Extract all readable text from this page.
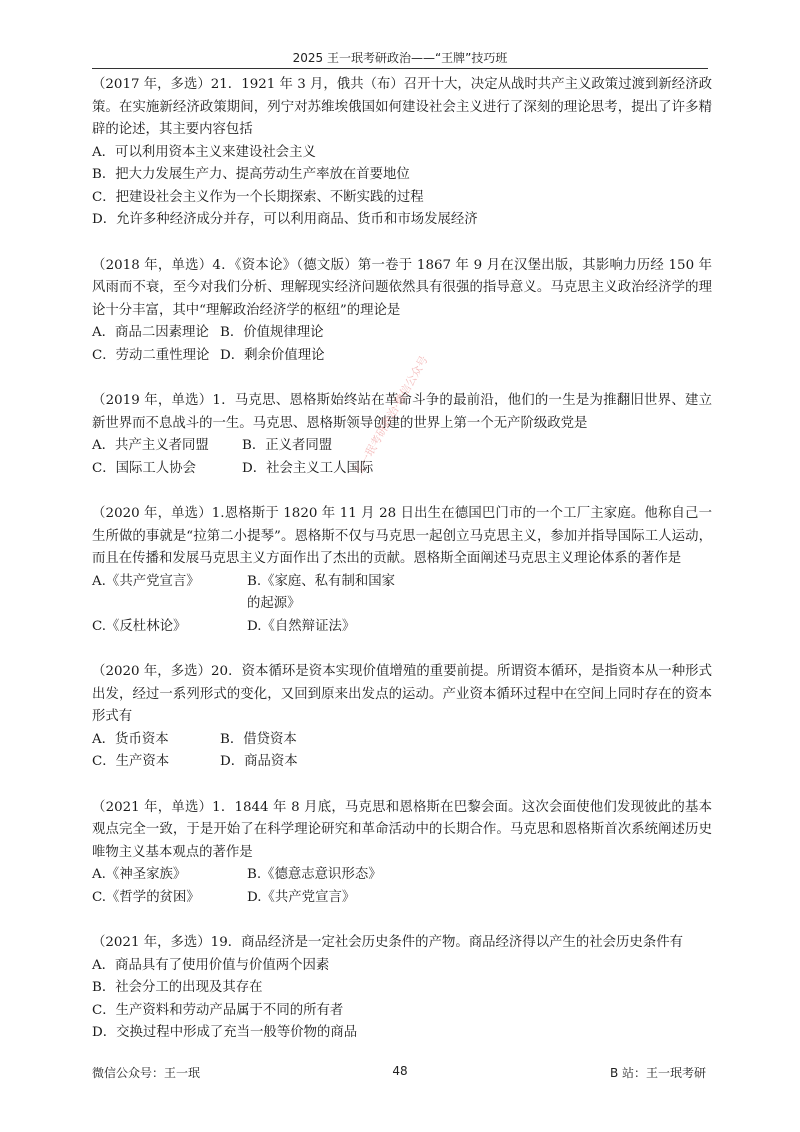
2025 王一珉考研政治——“王牌”技巧班

（2017 年，多选）21．1921 年 3 月，俄共（布）召开十大，决定从战时共产主义政策过渡到新经济政策。在实施新经济政策期间，列宁对苏维埃俄国如何建设社会主义进行了深刻的理论思考，提出了许多精辟的论述，其主要内容包括

A．可以利用资本主义来建设社会主义

B．把大力发展生产力、提高劳动生产率放在首要地位

C．把建设社会主义作为一个长期探索、不断实践的过程

D．允许多种经济成分并存，可以利用商品、货币和市场发展经济

（2018 年，单选）4．《资本论》（德文版）第一卷于 1867 年 9 月在汉堡出版，其影响力历经 150 年风雨而不衰，至今对我们分析、理解现实经济问题依然具有很强的指导意义。马克思主义政治经济学的理论十分丰富，其中“理解政治经济学的枢纽”的理论是

A．商品二因素理论 B．价值规律理论

C．劳动二重性理论 D．剩余价值理论

（2019 年，单选）1．马克思、恩格斯始终站在革命斗争的最前沿，他们的一生是为推翻旧世界、建立新世界而不息战斗的一生。马克思、恩格斯领导创建的世界上第一个无产阶级政党是

A．共产主义者同盟	B．正义者同盟

C．国际工人协会	D．社会主义工人国际

（2020 年，单选）1.恩格斯于 1820 年 11 月 28 日出生在德国巴门市的一个工厂主家庭。他称自己一生所做的事就是“拉第二小提琴”。恩格斯不仅与马克思一起创立马克思主义，参加并指导国际工人运动，而且在传播和发展马克思主义方面作出了杰出的贡献。恩格斯全面阐述马克思主义理论体系的著作是

A.《共产党宣言》	B.《家庭、私有制和国家的起源》

C.《反杜林论》	D.《自然辩证法》

（2020 年，多选）20．资本循环是资本实现价值增殖的重要前提。所谓资本循环，是指资本从一种形式出发，经过一系列形式的变化，又回到原来出发点的运动。产业资本循环过程中在空间上同时存在的资本形式有

A．货币资本	B．借贷资本

C．生产资本	D．商品资本

（2021 年，单选）1．1844 年 8 月底，马克思和恩格斯在巴黎会面。这次会面使他们发现彼此的基本观点完全一致，于是开始了在科学理论研究和革命活动中的长期合作。马克思和恩格斯首次系统阐述历史唯物主义基本观点的著作是

A.《神圣家族》	B.《德意志意识形态》

C.《哲学的贫困》	D.《共产党宣言》

（2021 年，多选）19．商品经济是一定社会历史条件的产物。商品经济得以产生的社会历史条件有

A．商品具有了使用价值与价值两个因素

B．社会分工的出现及其存在

C．生产资料和劳动产品属于不同的所有者

D．交换过程中形成了充当一般等价物的商品

王一珉考研政治·微信公众号
微信公众号：王一珉	48	B 站：王一珉考研
